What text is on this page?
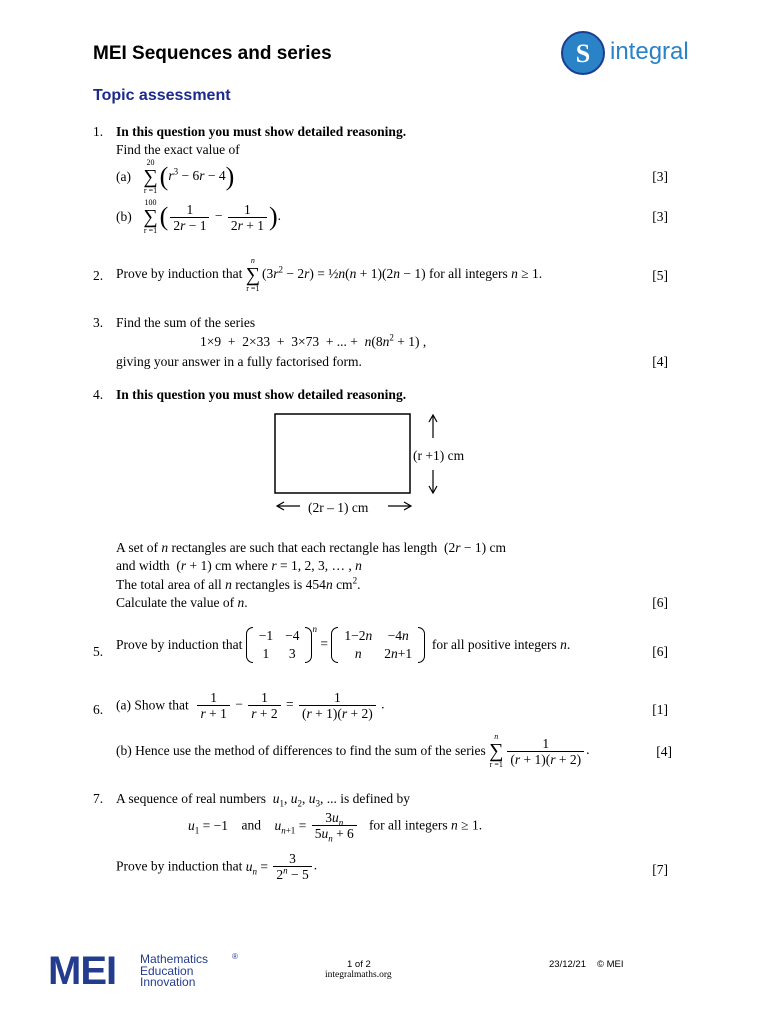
MEI Sequences and series
Topic assessment
S integral
1. In this question you must show detailed reasoning.
Find the exact value of
(a)
20
∑
r =1 $(r^3 - 6r - 4)$	[3]
(b)
100
∑
r =1 ( $\frac{1}{2r - 1} - \frac{1}{2r + 1}$ ).	[3]
2. Prove by induction that
n
∑
r =1
$(3r^2 - 2r)$ = ½n(n + 1)(2n − 1) for all integers n ≥ 1.	[5]
3. Find the sum of the series
1×9  +  2×33  +  3×73  + ... +  $n(8n^2 + 1)$ ,
giving your answer in a fully factorised form.	[4]
4. In this question you must show detailed reasoning.
(r +1) cm
(2r – 1) cm
A set of n rectangles are such that each rectangle has length  (2r − 1) cm
and width  (r + 1) cm where r = 1, 2, 3, … , n
The total area of all n rectangles is 454n $cm^2$.
Calculate the value of n.	[6]
5. Prove by induction that
−1	−4
1	3
$^n$ =
1−2n	−4n
n	2n+1
for all positive integers n.	[6]
6. (a) Show that $\frac{1}{r + 1} - \frac{1}{r + 2} = \frac{1}{(r + 1)(r + 2)}$ .	[1]
(b) Hence use the method of differences to find the sum of the series
n
∑
$r =1 \frac{1}{(r + 1)(r + 2)}$ .	[4]
7. A sequence of real numbers $u_1$, $u_2$, $u_3$, ... is defined by
$u_1 = -1$ and $u_{n+1} = \frac{3u_n}{5u_n + 6}$ for all integers n ≥ 1.
Prove by induction that $u_n = \frac{3}{2^n - 5}$ .	[7]
MEI Mathematics
Education
Innovation
®
1 of 2
integralmaths.org
23/12/21 © MEI
